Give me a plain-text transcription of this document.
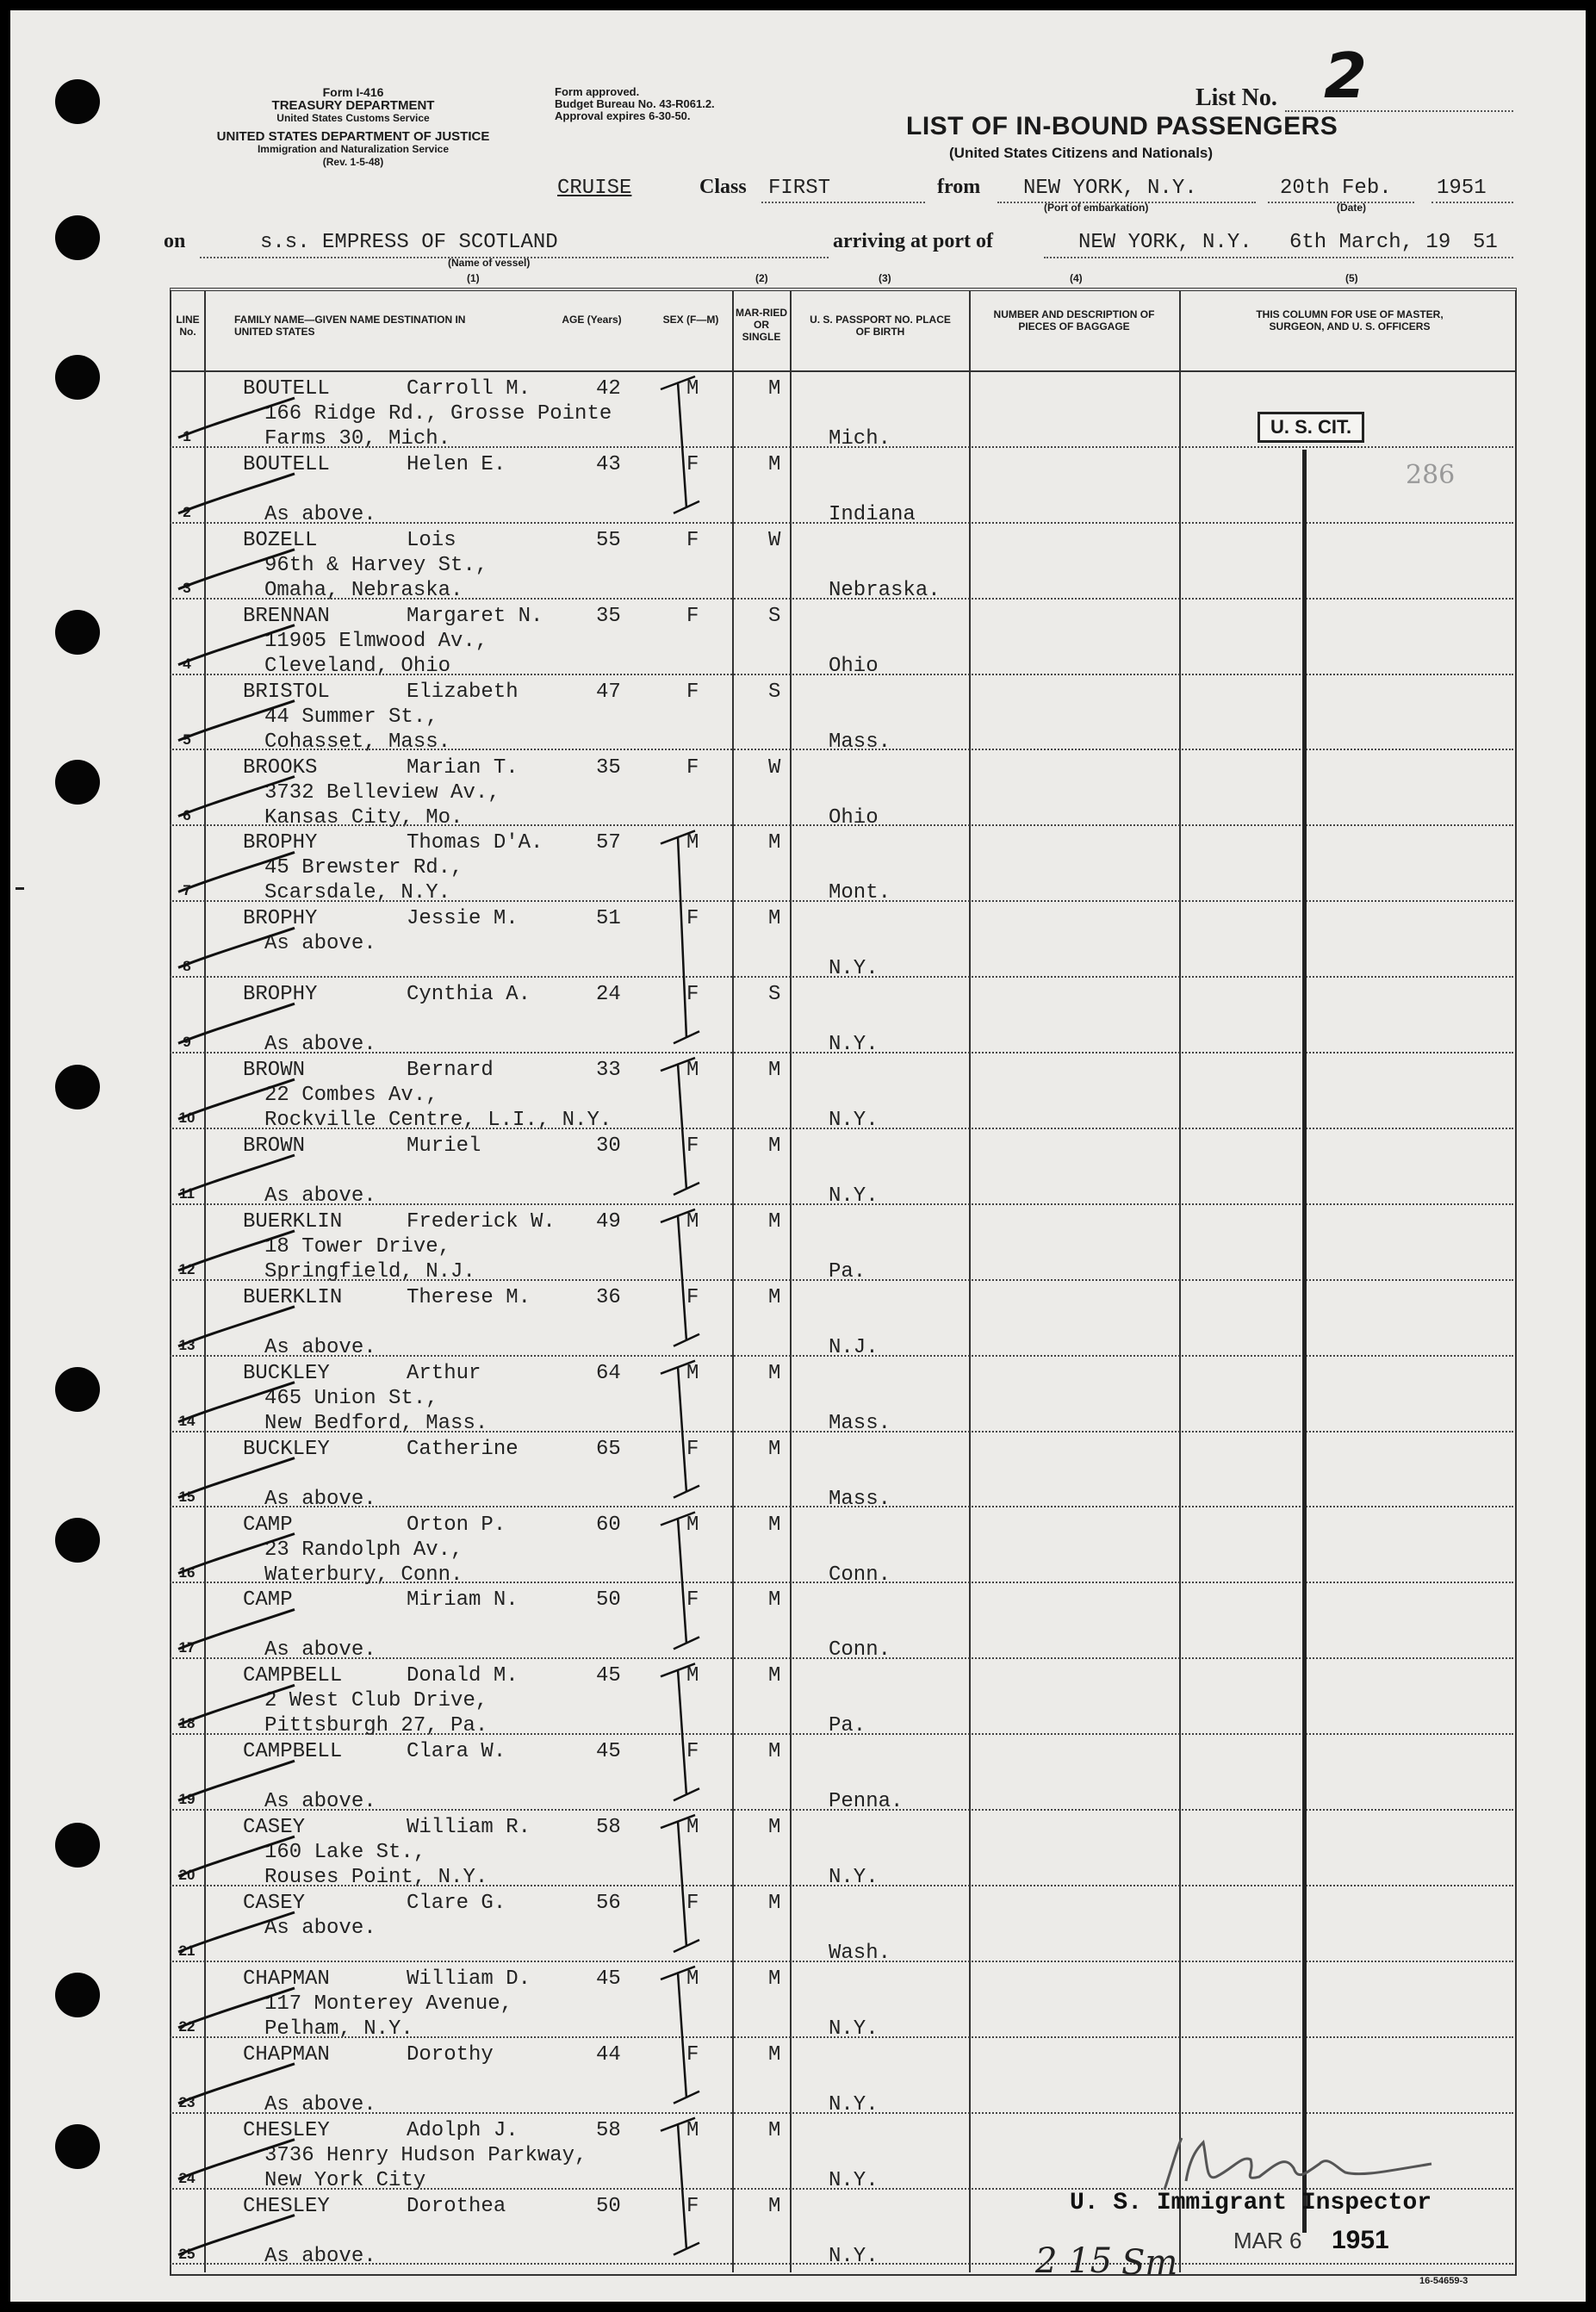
Form I-416
TREASURY DEPARTMENT
United States Customs Service
UNITED STATES DEPARTMENT OF JUSTICE
Immigration and Naturalization Service
(Rev. 1-5-48)
Form approved.
Budget Bureau No. 43-R061.2.
Approval expires 6-30-50.
List No. 2
LIST OF IN-BOUND PASSENGERS
(United States Citizens and Nationals)
CRUISE	Class FIRST	from NEW YORK, N.Y.
(Port of embarkation)
20th Feb.
(Date)
1951
on	s.s. EMPRESS OF SCOTLAND
(Name of vessel)
arriving at port of	NEW YORK, N.Y. 6th March, 19 51
(1)	(2)	(3)	(4)	(5)
LINE No.
FAMILY NAME—GIVEN NAME DESTINATION IN UNITED STATES
AGE (Years)	SEX (F—M)
MAR-RIED OR SINGLE
U. S. PASSPORT NO. PLACE OF BIRTH
NUMBER AND DESCRIPTION OF PIECES OF BAGGAGE
THIS COLUMN FOR USE OF MASTER, SURGEON, AND U. S. OFFICERS
1
BOUTELL	Carroll M.	42	M	M
166 Ridge Rd., Grosse Pointe
Farms 30, Mich.	Mich.
2
BOUTELL	Helen E.	43	F	M
As above.	Indiana
3
BOZELL	Lois	55	F	W
96th & Harvey St.,
Omaha, Nebraska.	Nebraska.
4
BRENNAN	Margaret N.	35	F	S
11905 Elmwood Av.,
Cleveland, Ohio	Ohio
5
BRISTOL	Elizabeth	47	F	S
44 Summer St.,
Cohasset, Mass.	Mass.
6
BROOKS	Marian T.	35	F	W
3732 Belleview Av.,
Kansas City, Mo.	Ohio
7
BROPHY	Thomas D'A.	57	M	M
45 Brewster Rd.,
Scarsdale, N.Y.	Mont.
8
BROPHY	Jessie M.	51	F	M
As above.
N.Y.
9
BROPHY	Cynthia A.	24	F	S
As above.	N.Y.
10
BROWN	Bernard	33	M	M
22 Combes Av.,
Rockville Centre, L.I., N.Y.	N.Y.
11
BROWN	Muriel	30	F	M
As above.	N.Y.
12
BUERKLIN	Frederick W. 49	M	M
18 Tower Drive,
Springfield, N.J.	Pa.
13
BUERKLIN	Therese M.	36	F	M
As above.	N.J.
14
BUCKLEY	Arthur	64	M	M
465 Union St.,
New Bedford, Mass.	Mass.
15
BUCKLEY	Catherine	65	F	M
As above.	Mass.
16
CAMP	Orton P.	60	M	M
23 Randolph Av.,
Waterbury, Conn.	Conn.
17
CAMP	Miriam N.	50	F	M
As above.	Conn.
18
CAMPBELL	Donald M.	45	M	M
2 West Club Drive,
Pittsburgh 27, Pa.	Pa.
19
CAMPBELL	Clara W.	45	F	M
As above.	Penna.
20
CASEY	William R.	58	M	M
160 Lake St.,
Rouses Point, N.Y.	N.Y.
21
CASEY	Clare G.	56	F	M
As above.
Wash.
22
CHAPMAN	William D.	45	M	M
117 Monterey Avenue,
Pelham, N.Y.	N.Y.
23
CHAPMAN	Dorothy	44	F	M
As above.	N.Y.
24
CHESLEY	Adolph J.	58	M	M
3736 Henry Hudson Parkway,
New York City	N.Y.
25
CHESLEY	Dorothea	50	F	M
As above.	N.Y.
U. S. CIT.
286
U. S. Immigrant Inspector
MAR 6 1951
2 15 Sm	16-54659-3
